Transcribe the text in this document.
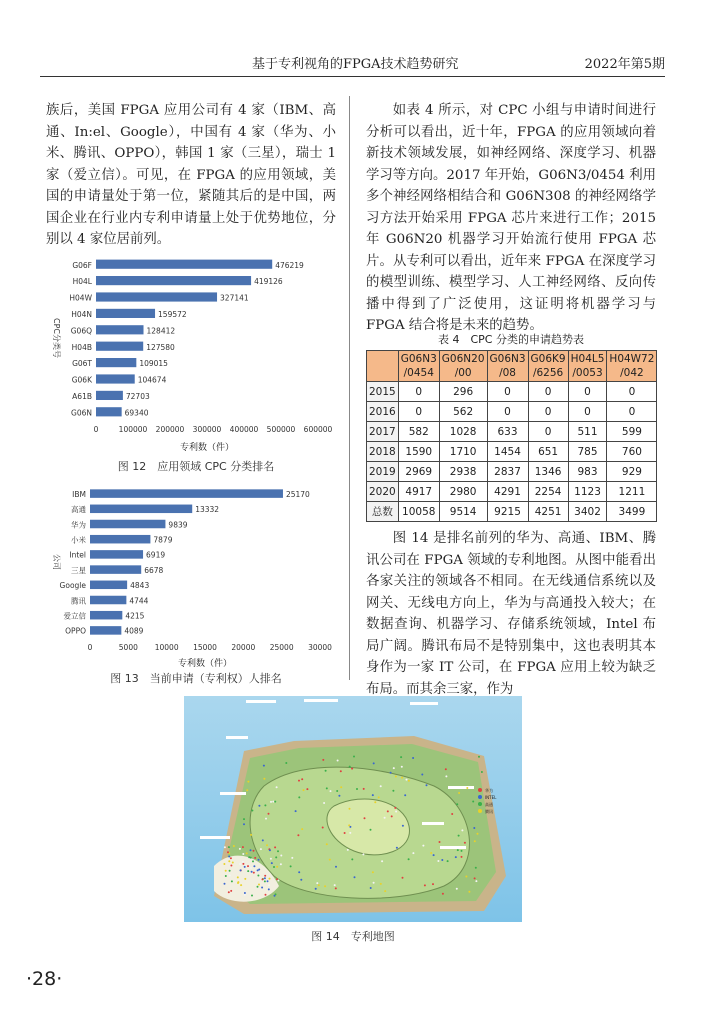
基于专利视角的FPGA技术趋势研究	2022年第5期
族后，美国 FPGA 应用公司有 4 家（IBM、高通、In:el、Google），中国有 4 家（华为、小米、腾讯、OPPO），韩国 1 家（三星），瑞士 1 家（爱立信）。可见，在 FPGA 的应用领域，美国的申请量处于第一位，紧随其后的是中国，两国企业在行业内专利申请量上处于优势地位，分别以 4 家位居前列。
0	100000 200000 300000 400000 500000 600000
G06F	476219
H04L	419126
H04W	327141
H04N	159572
G06Q	128412
H04B	127580
G06T	109015
G06K	104674
A61B	72703
G06N	69340
专利数（件）
CPC分类号
图 12　应用领域 CPC 分类排名
0	5000 10000 15000 20000 25000 30000
IBM	25170
高通	13332
华为	9839
小米	7879
Intel	6919
三星	6678
Google	4843
腾讯	4744
爱立信	4215
OPPO	4089
专利数（件）
公司
图 13　当前申请（专利权）人排名
如表 4 所示，对 CPC 小组与申请时间进行分析可以看出，近十年，FPGA 的应用领域向着新技术领域发展，如神经网络、深度学习、机器学习等方向。2017 年开始，G06N3/0454 利用多个神经网络相结合和 G06N308 的神经网络学习方法开始采用 FPGA 芯片来进行工作；2015 年 G06N20 机器学习开始流行使用 FPGA 芯片。从专利可以看出，近年来 FPGA 在深度学习的模型训练、模型学习、人工神经网络、反向传播中得到了广泛使用，这证明将机器学习与 FPGA 结合将是未来的趋势。
表 4　CPC 分类的申请趋势表
	G06N3 /0454	G06N20 /00	G06N3 /08	G06K9 /6256	H04L5 /0053	H04W72 /042
2015	0	296	0	0	0	0
2016	0	562	0	0	0	0
2017	582	1028	633	0	511	599
2018	1590	1710	1454	651	785	760
2019	2969	2938	2837	1346	983	929
2020	4917	2980	4291	2254	1123	1211
总数	10058	9514	9215	4251	3402	3499
图 14 是排名前列的华为、高通、IBM、腾讯公司在 FPGA 领域的专利地图。从图中能看出各家关注的领域各不相同。在无线通信系统以及网关、无线电方向上，华为与高通投入较大；在数据查询、机器学习、存储系统领域，Intel 布局广阔。腾讯布局不是特别集中，这也表明其本身作为一家 IT 公司，在 FPGA 应用上较为缺乏布局。而其余三家，作为
华为
INTEL
高通
腾讯
图 14　专利地图
·28·
